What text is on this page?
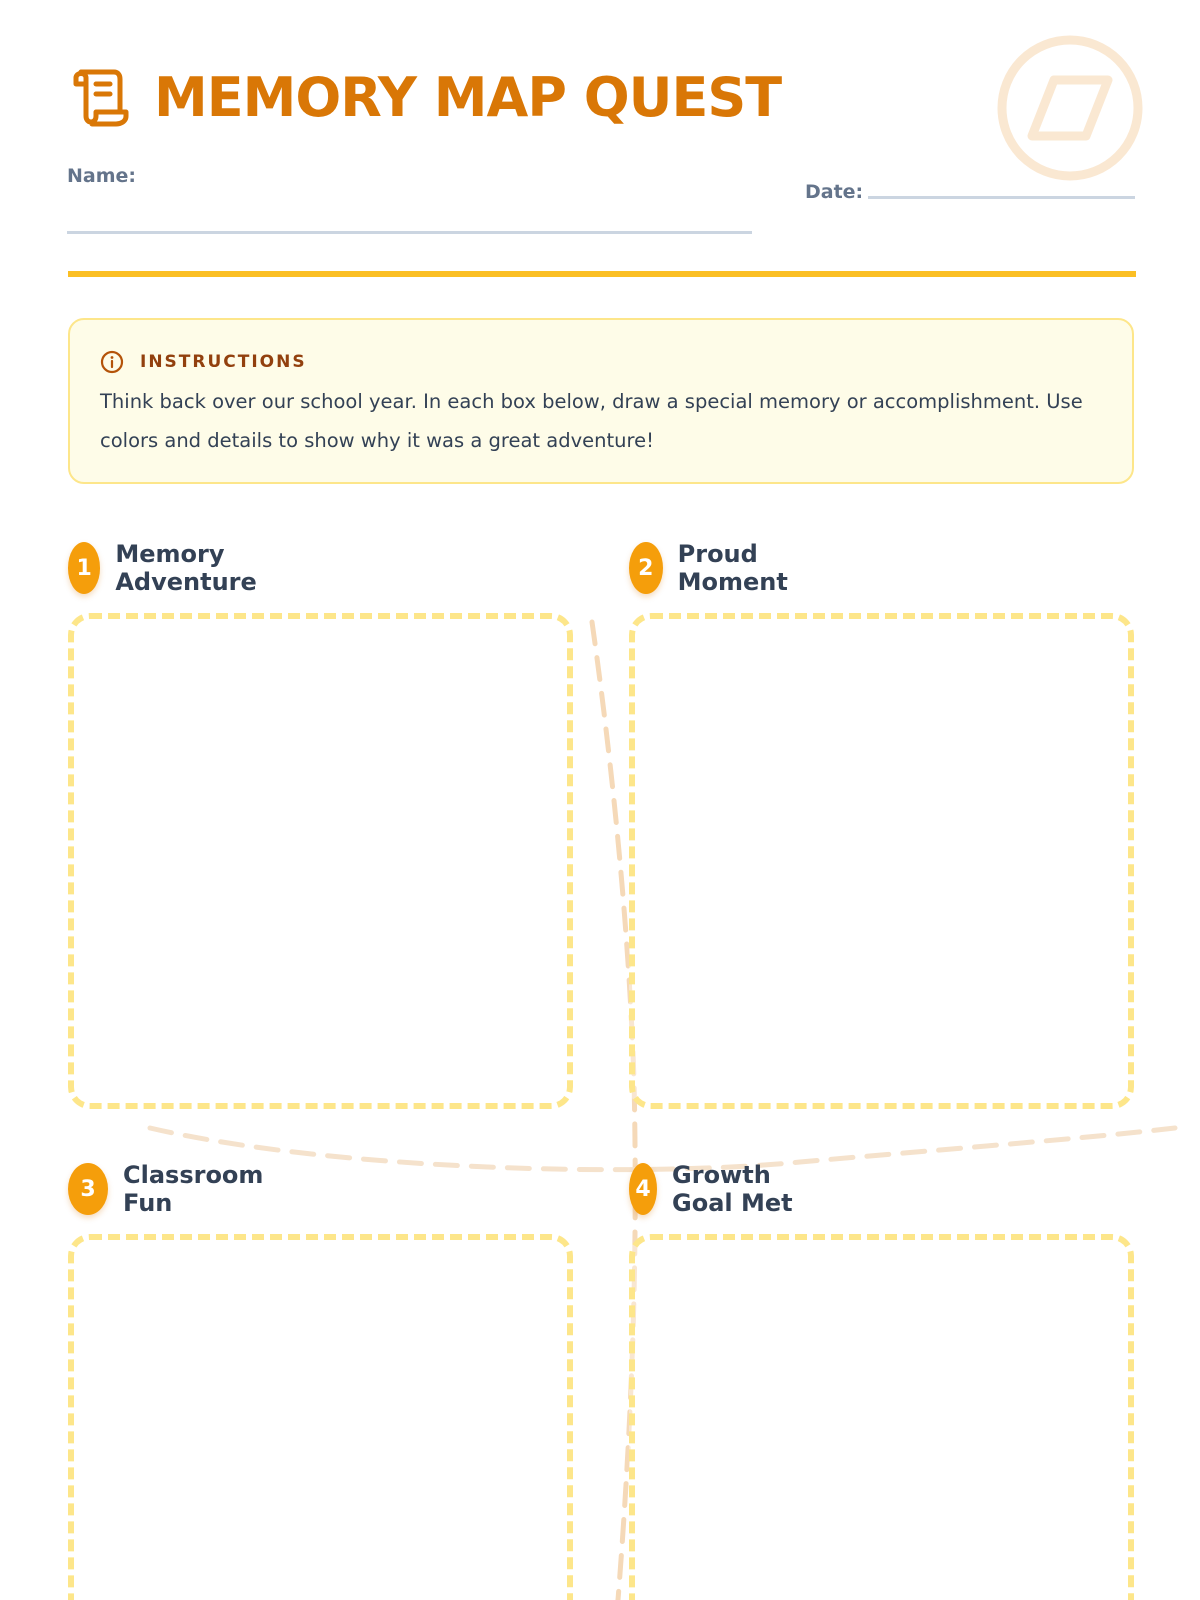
MEMORY MAP QUEST
Name:
Date:
INSTRUCTIONS

Think back over our school year. In each box below, draw a special memory or accomplishment. Use colors and details to show why it was a great adventure!

1 Memory Adventure	2	Proud Moment
3	Classroom Fun	4 Growth Goal Met
